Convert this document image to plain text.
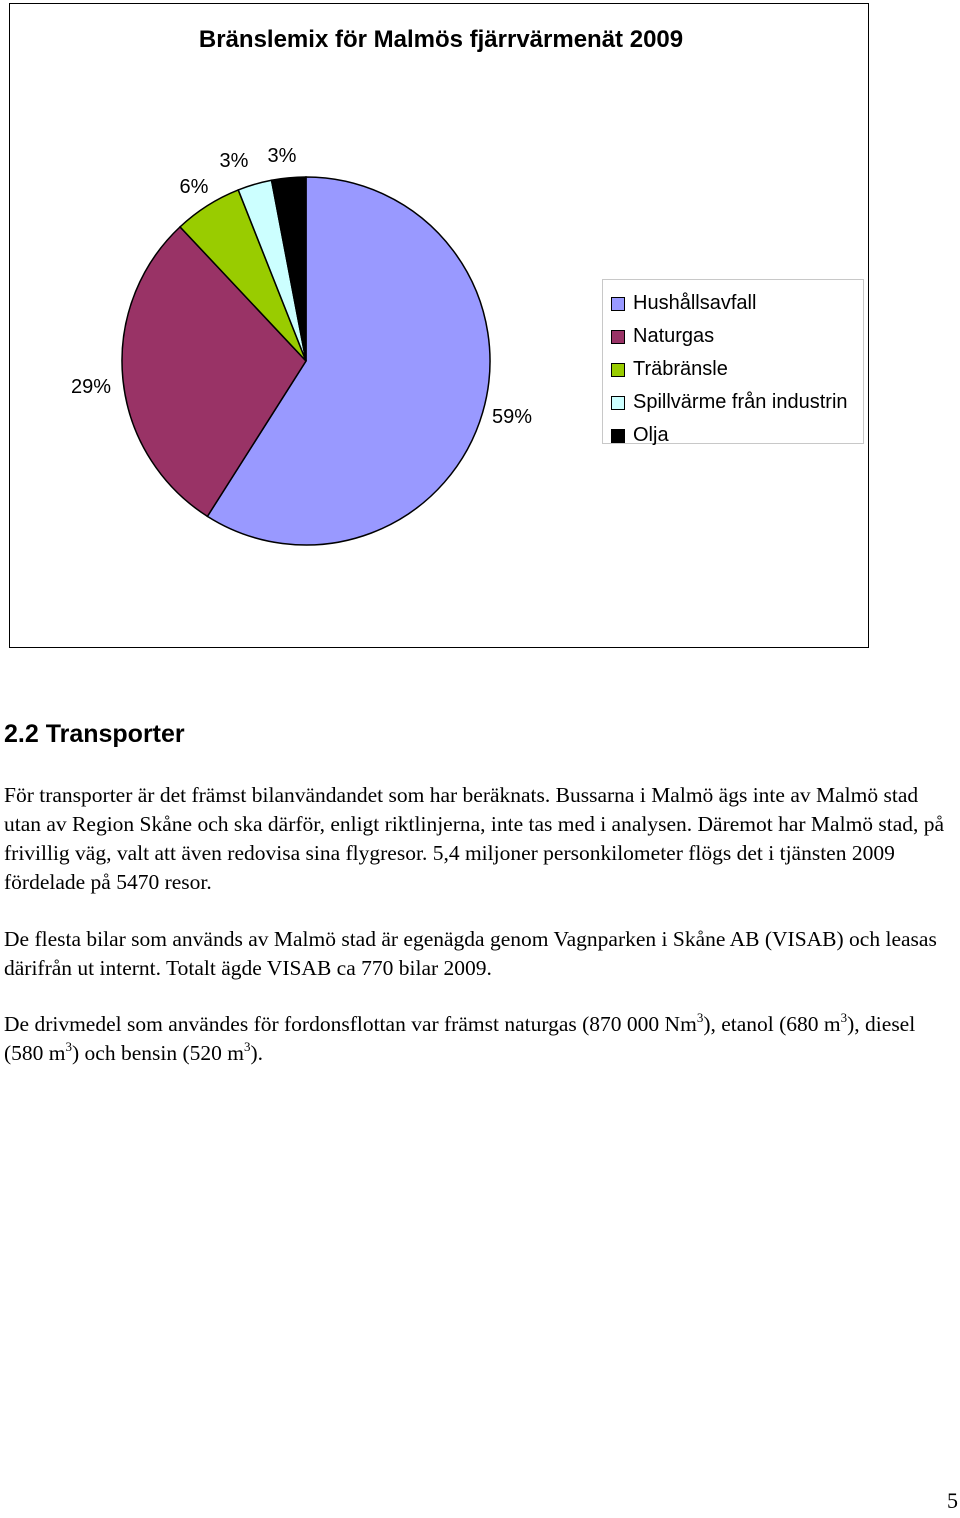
Bränslemix för Malmös fjärrvärmenät 2009
59%
29%
6%
3% 3%
Hushållsavfall
Naturgas
Träbränsle
Spillvärme från industrin
Olja
2.2 Transporter

För transporter är det främst bilanvändandet som har beräknats. Bussarna i Malmö ägs inte av Malmö stad utan av Region Skåne och ska därför, enligt riktlinjerna, inte tas med i analysen. Däremot har Malmö stad, på frivillig väg, valt att även redovisa sina flygresor. 5,4 miljoner personkilometer flögs det i tjänsten 2009 fördelade på 5470 resor.

De flesta bilar som används av Malmö stad är egenägda genom Vagnparken i Skåne AB (VISAB) och leasas därifrån ut internt. Totalt ägde VISAB ca 770 bilar 2009.

De drivmedel som användes för fordonsflottan var främst naturgas (870 000 Nm$^3$), etanol (680 $m^3$), diesel (580 $m^3$) och bensin (520 $m^3$).

5
